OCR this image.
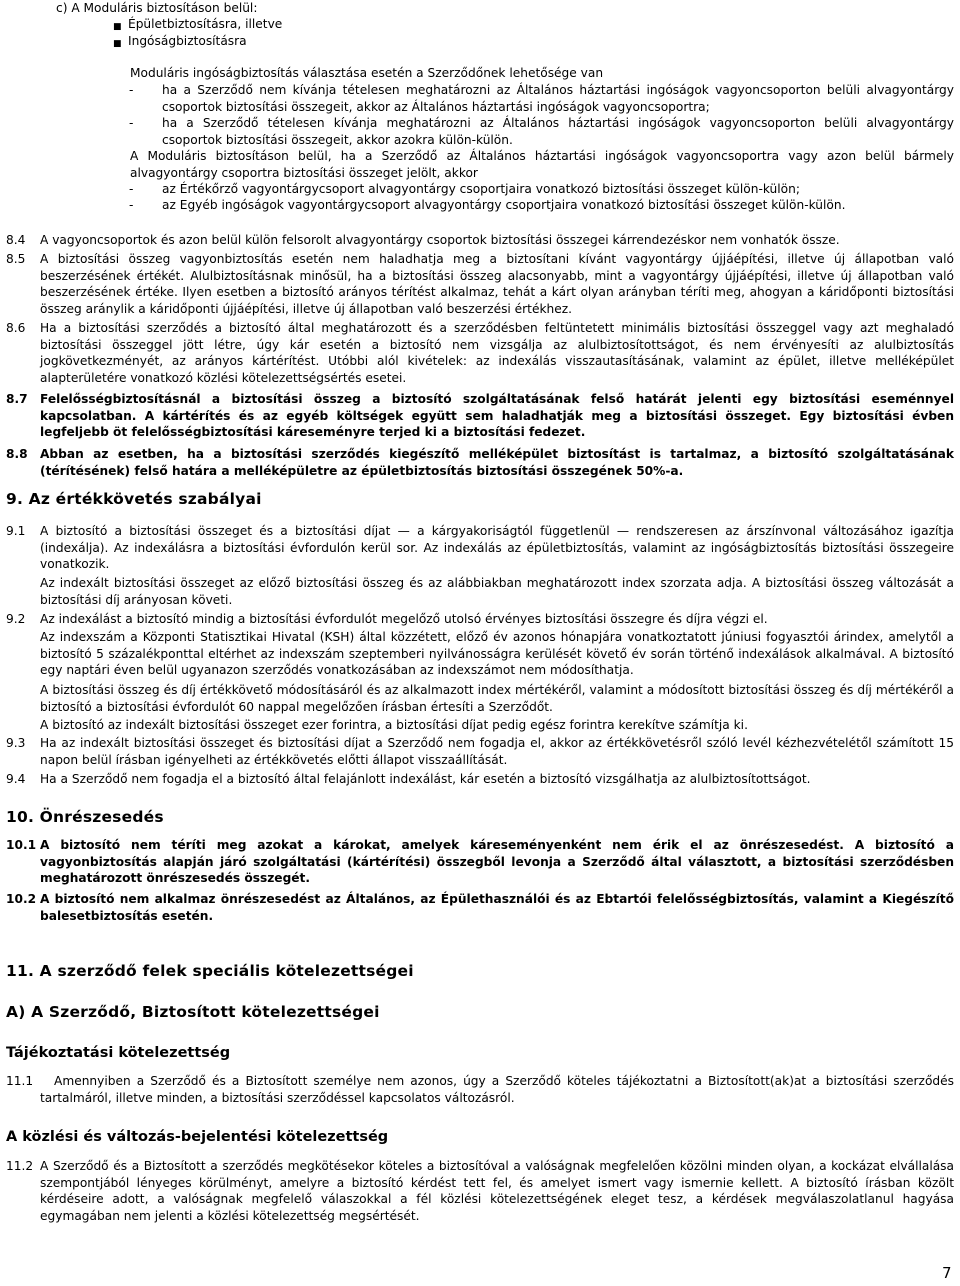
c) A Moduláris biztosításon belül:

■ Épületbiztosításra, illetve

■ Ingóságbiztosításra

Moduláris ingóságbiztosítás választása esetén a Szerződőnek lehetősége van

- ha a Szerződő nem kívánja tételesen meghatározni az Általános háztartási ingóságok vagyoncsoporton belüli alvagyontárgy csoportok biztosítási összegeit, akkor az Általános háztartási ingóságok vagyoncsoportra;

- ha a Szerződő tételesen kívánja meghatározni az Általános háztartási ingóságok vagyoncsoporton belüli alvagyontárgy csoportok biztosítási összegeit, akkor azokra külön-külön.

A Moduláris biztosításon belül, ha a Szerződő az Általános háztartási ingóságok vagyoncsoportra vagy azon belül bármely alvagyontárgy csoportra biztosítási összeget jelölt, akkor

- az Értékőrző vagyontárgycsoport alvagyontárgy csoportjaira vonatkozó biztosítási összeget külön-külön;

- az Egyéb ingóságok vagyontárgycsoport alvagyontárgy csoportjaira vonatkozó biztosítási összeget külön-külön.

8.4 A vagyoncsoportok és azon belül külön felsorolt alvagyontárgy csoportok biztosítási összegei kárrendezéskor nem vonhatók össze.

8.5 A biztosítási összeg vagyonbiztosítás esetén nem haladhatja meg a biztosítani kívánt vagyontárgy újjáépítési, illetve új állapotban való beszerzésének értékét. Alulbiztosításnak minősül, ha a biztosítási összeg alacsonyabb, mint a vagyontárgy újjáépítési, illetve új állapotban való beszerzésének értéke. Ilyen esetben a biztosító arányos térítést alkalmaz, tehát a kárt olyan arányban téríti meg, ahogyan a káridőponti biztosítási összeg aránylik a káridőponti újjáépítési, illetve új állapotban való beszerzési értékhez.

8.6 Ha a biztosítási szerződés a biztosító által meghatározott és a szerződésben feltüntetett minimális biztosítási összeggel vagy azt meghaladó biztosítási összeggel jött létre, úgy kár esetén a biztosító nem vizsgálja az alulbiztosítottságot, és nem érvényesíti az alulbiztosítás jogkövetkezményét, az arányos kártérítést. Utóbbi alól kivételek: az indexálás visszautasításának, valamint az épület, illetve melléképület alapterületére vonatkozó közlési kötelezettségsértés esetei.

8.7 Felelősségbiztosításnál a biztosítási összeg a biztosító szolgáltatásának felső határát jelenti egy biztosítási eseménnyel kapcsolatban. A kártérítés és az egyéb költségek együtt sem haladhatják meg a biztosítási összeget. Egy biztosítási évben legfeljebb öt felelősségbiztosítási káreseményre terjed ki a biztosítási fedezet.

8.8 Abban az esetben, ha a biztosítási szerződés kiegészítő melléképület biztosítást is tartalmaz, a biztosító szolgáltatásának (térítésének) felső határa a melléképületre az épületbiztosítás biztosítási összegének 50%-a.

9. Az értékkövetés szabályai

9.1 A biztosító a biztosítási összeget és a biztosítási díjat — a kárgyakoriságtól függetlenül — rendszeresen az árszínvonal változásához igazítja (indexálja). Az indexálásra a biztosítási évfordulón kerül sor. Az indexálás az épületbiztosítás, valamint az ingóságbiztosítás biztosítási összegeire vonatkozik.

Az indexált biztosítási összeget az előző biztosítási összeg és az alábbiakban meghatározott index szorzata adja. A biztosítási összeg változását a biztosítási díj arányosan követi.

9.2 Az indexálást a biztosító mindig a biztosítási évfordulót megelőző utolsó érvényes biztosítási összegre és díjra végzi el.

Az indexszám a Központi Statisztikai Hivatal (KSH) által közzétett, előző év azonos hónapjára vonatkoztatott júniusi fogyasztói árindex, amelytől a biztosító 5 százalékponttal eltérhet az indexszám szeptemberi nyilvánosságra kerülését követő év során történő indexálások alkalmával. A biztosító egy naptári éven belül ugyanazon szerződés vonatkozásában az indexszámot nem módosíthatja.

A biztosítási összeg és díj értékkövető módosításáról és az alkalmazott index mértékéről, valamint a módosított biztosítási összeg és díj mértékéről a biztosító a biztosítási évfordulót 60 nappal megelőzően írásban értesíti a Szerződőt.

A biztosító az indexált biztosítási összeget ezer forintra, a biztosítási díjat pedig egész forintra kerekítve számítja ki.

9.3 Ha az indexált biztosítási összeget és biztosítási díjat a Szerződő nem fogadja el, akkor az értékkövetésről szóló levél kézhezvételétől számított 15 napon belül írásban igényelheti az értékkövetés előtti állapot visszaállítását.

9.4 Ha a Szerződő nem fogadja el a biztosító által felajánlott indexálást, kár esetén a biztosító vizsgálhatja az alulbiztosítottságot.

10. Önrészesedés

10.1 A biztosító nem téríti meg azokat a károkat, amelyek káreseményenként nem érik el az önrészesedést. A biztosító a vagyonbiztosítás alapján járó szolgáltatási (kártérítési) összegből levonja a Szerződő által választott, a biztosítási szerződésben meghatározott önrészesedés összegét.

10.2 A biztosító nem alkalmaz önrészesedést az Általános, az Épülethasználói és az Ebtartói felelősségbiztosítás, valamint a Kiegészítő balesetbiztosítás esetén.

11. A szerződő felek speciális kötelezettségei

A) A Szerződő, Biztosított kötelezettségei

Tájékoztatási kötelezettség

11.1	Amennyiben a Szerződő és a Biztosított személye nem azonos, úgy a Szerződő köteles tájékoztatni a Biztosított(ak)at a biztosítási szerződés tartalmáról, illetve minden, a biztosítási szerződéssel kapcsolatos változásról.

A közlési és változás-bejelentési kötelezettség

11.2 A Szerződő és a Biztosított a szerződés megkötésekor köteles a biztosítóval a valóságnak megfelelően közölni minden olyan, a kockázat elvállalása szempontjából lényeges körülményt, amelyre a biztosító kérdést tett fel, és amelyet ismert vagy ismernie kellett. A biztosító írásban közölt kérdéseire adott, a valóságnak megfelelő válaszokkal a fél közlési kötelezettségének eleget tesz, a kérdések megválaszolatlanul hagyása egymagában nem jelenti a közlési kötelezettség megsértését.

7
